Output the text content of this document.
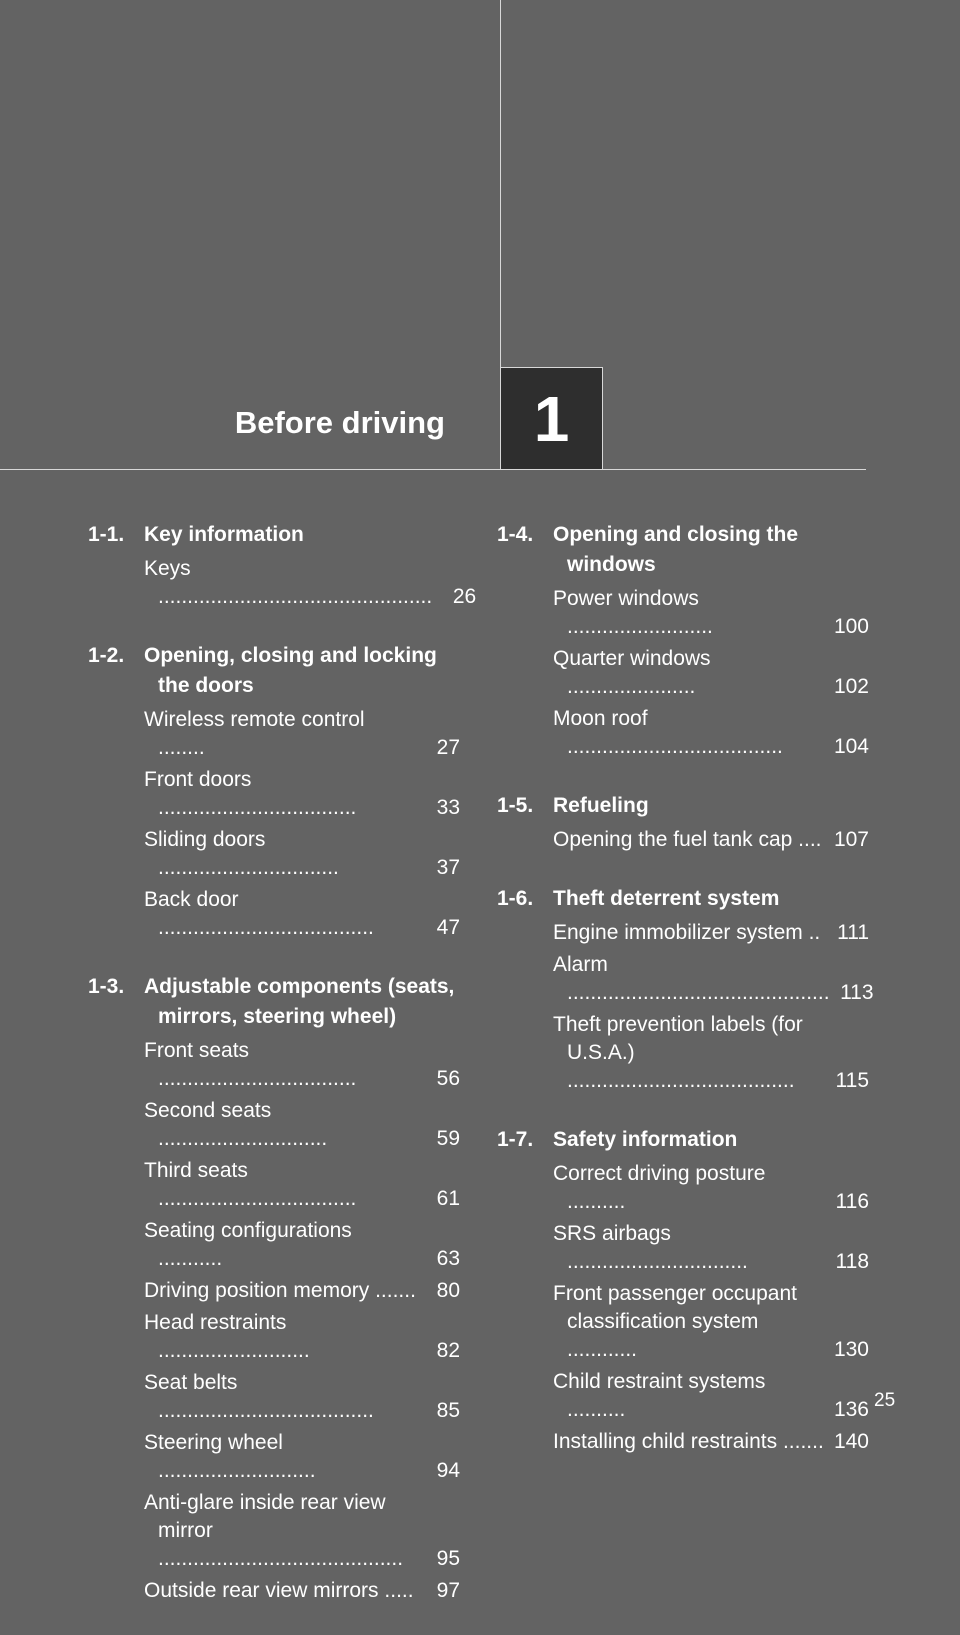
Before driving 1
1-1. Key information
Keys ............................................... 26
1-2. Opening, closing and locking the doors
Wireless remote control ........	27
Front doors ..................................	33
Sliding doors ...............................	37
Back door .....................................	47
1-3. Adjustable components (seats, mirrors, steering wheel)
Front seats ..................................	56
Second seats .............................	59
Third seats ..................................	61
Seating configurations ...........	63
Driving position memory ....... 80
Head restraints ..........................	82
Seat belts .....................................	85
Steering wheel ...........................	94
Anti-glare inside rear view mirror ..........................................	95
Outside rear view mirrors .....	97
1-4. Opening and closing the windows
Power windows .........................	100
Quarter windows ......................	102
Moon roof .....................................	104
1-5. Refueling
Opening the fuel tank cap .... 107
1-6. Theft deterrent system
Engine immobilizer system .. 111
Alarm ............................................. 113
Theft prevention labels (for U.S.A.) .......................................	115
1-7. Safety information
Correct driving posture ..........	116
SRS airbags ...............................	118
Front passenger occupant classification system ............	130
Child restraint systems ..........	136
Installing child restraints ....... 140
25
